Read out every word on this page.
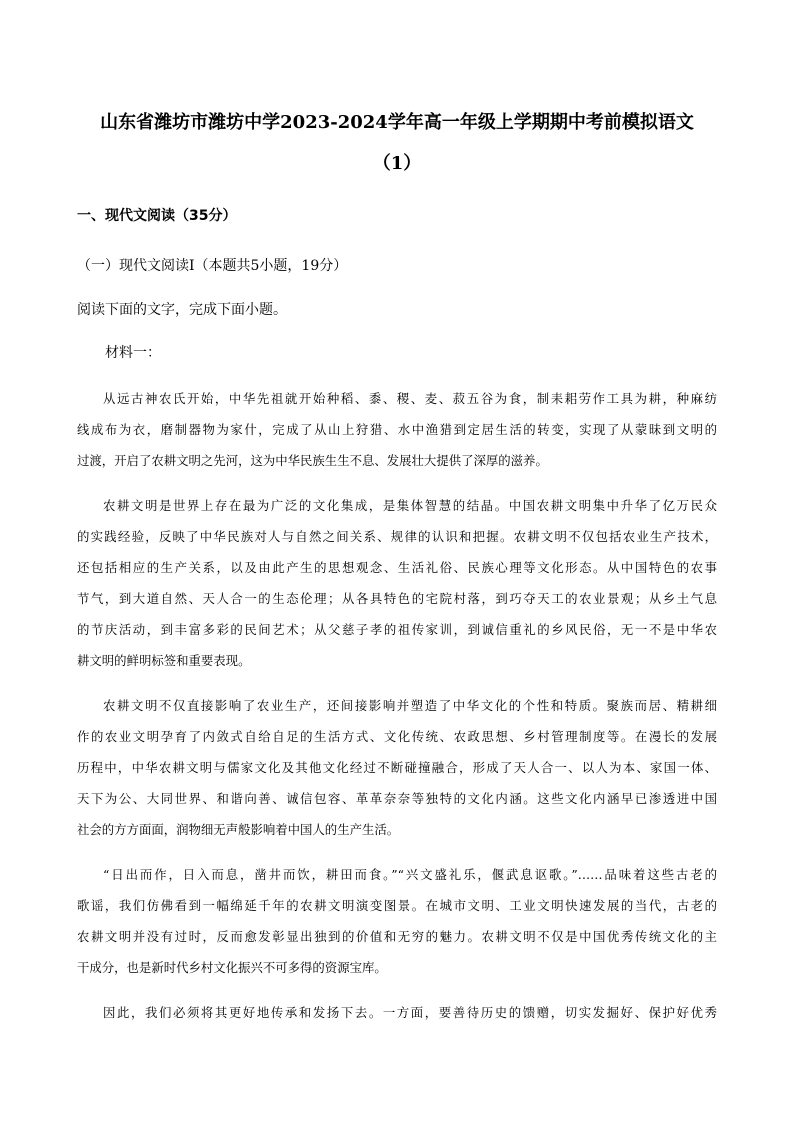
山东省潍坊市潍坊中学2023-2024学年高一年级上学期期中考前模拟语文
（1）
一、现代文阅读（35分）
（一）现代文阅读Ⅰ（本题共5小题，19分）
阅读下面的文字，完成下面小题。
材料一：
从远古神农氏开始，中华先祖就开始种稻、黍、稷、麦、菽五谷为食，制耒耜劳作工具为耕，种麻纺
线成布为衣，磨制器物为家什，完成了从山上狩猎、水中渔猎到定居生活的转变，实现了从蒙昧到文明的
过渡，开启了农耕文明之先河，这为中华民族生生不息、发展壮大提供了深厚的滋养。
农耕文明是世界上存在最为广泛的文化集成，是集体智慧的结晶。中国农耕文明集中升华了亿万民众
的实践经验，反映了中华民族对人与自然之间关系、规律的认识和把握。农耕文明不仅包括农业生产技术，
还包括相应的生产关系，以及由此产生的思想观念、生活礼俗、民族心理等文化形态。从中国特色的农事
节气，到大道自然、天人合一的生态伦理；从各具特色的宅院村落，到巧夺天工的农业景观；从乡土气息
的节庆活动，到丰富多彩的民间艺术；从父慈子孝的祖传家训，到诚信重礼的乡风民俗，无一不是中华农
耕文明的鲜明标签和重要表现。
农耕文明不仅直接影响了农业生产，还间接影响并塑造了中华文化的个性和特质。聚族而居、精耕细
作的农业文明孕育了内敛式自给自足的生活方式、文化传统、农政思想、乡村管理制度等。在漫长的发展
历程中，中华农耕文明与儒家文化及其他文化经过不断碰撞融合，形成了天人合一、以人为本、家国一体、
天下为公、大同世界、和谐向善、诚信包容、革革奈奈等独特的文化内涵。这些文化内涵早已渗透进中国
社会的方方面面，润物细无声般影响着中国人的生产生活。
“日出而作，日入而息，凿井而饮，耕田而食。”“兴文盛礼乐，偃武息讴歌。”……品味着这些古老的
歌谣，我们仿佛看到一幅绵延千年的农耕文明演变图景。在城市文明、工业文明快速发展的当代，古老的
农耕文明并没有过时，反而愈发彰显出独到的价值和无穷的魅力。农耕文明不仅是中国优秀传统文化的主
干成分，也是新时代乡村文化振兴不可多得的资源宝库。
因此，我们必须将其更好地传承和发扬下去。一方面，要善待历史的馈赠，切实发掘好、保护好优秀
